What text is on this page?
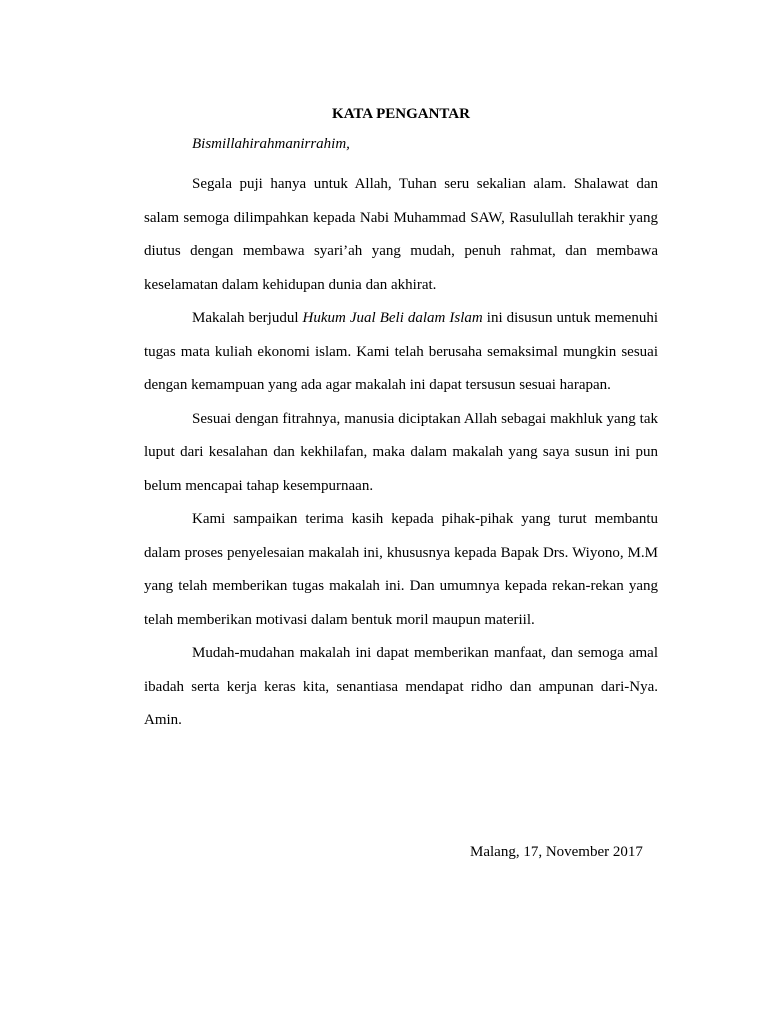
KATA PENGANTAR

Bismillahirahmanirrahim,

Segala puji hanya untuk Allah, Tuhan seru sekalian alam. Shalawat dan salam semoga dilimpahkan kepada Nabi Muhammad SAW, Rasulullah terakhir yang diutus dengan membawa syari’ah yang mudah, penuh rahmat, dan membawa keselamatan dalam kehidupan dunia dan akhirat.

Makalah berjudul Hukum Jual Beli dalam Islam ini disusun untuk memenuhi tugas mata kuliah ekonomi islam. Kami telah berusaha semaksimal mungkin sesuai dengan kemampuan yang ada agar makalah ini dapat tersusun sesuai harapan.

Sesuai dengan fitrahnya, manusia diciptakan Allah sebagai makhluk yang tak luput dari kesalahan dan kekhilafan, maka dalam makalah yang saya susun ini pun belum mencapai tahap kesempurnaan.

Kami sampaikan terima kasih kepada pihak-pihak yang turut membantu dalam proses penyelesaian makalah ini, khususnya kepada Bapak Drs. Wiyono, M.M yang telah memberikan tugas makalah ini. Dan umumnya kepada rekan-rekan yang telah memberikan motivasi dalam bentuk moril maupun materiil.

Mudah-mudahan makalah ini dapat memberikan manfaat, dan semoga amal ibadah serta kerja keras kita, senantiasa mendapat ridho dan ampunan dari-Nya. Amin.

Malang, 17, November 2017
